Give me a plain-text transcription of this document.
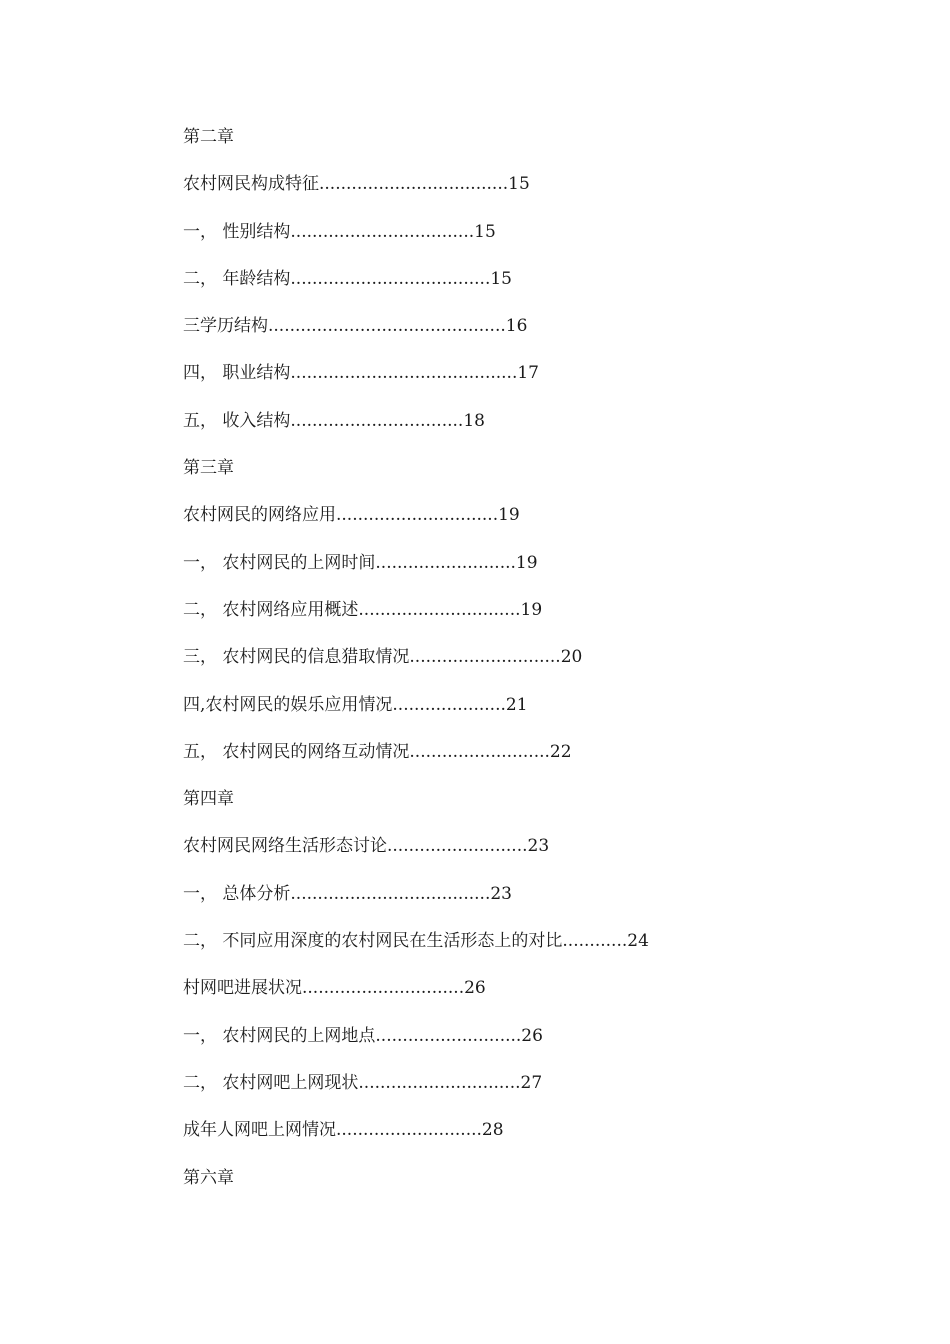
第二章
农村网民构成特征...................................15
一， 性别结构..................................15
二， 年龄结构.....................................15
三学历结构............................................16
四， 职业结构..........................................17
五， 收入结构................................18
第三章
农村网民的网络应用..............................19
一， 农村网民的上网时间..........................19
二， 农村网络应用概述..............................19
三， 农村网民的信息猎取情况............................20
四,农村网民的娱乐应用情况.....................21
五， 农村网民的网络互动情况..........................22
第四章
农村网民网络生活形态讨论..........................23
一， 总体分析.....................................23
二， 不同应用深度的农村网民在生活形态上的对比............24
村网吧进展状况..............................26
一， 农村网民的上网地点...........................26
二， 农村网吧上网现状..............................27
成年人网吧上网情况...........................28
第六章
